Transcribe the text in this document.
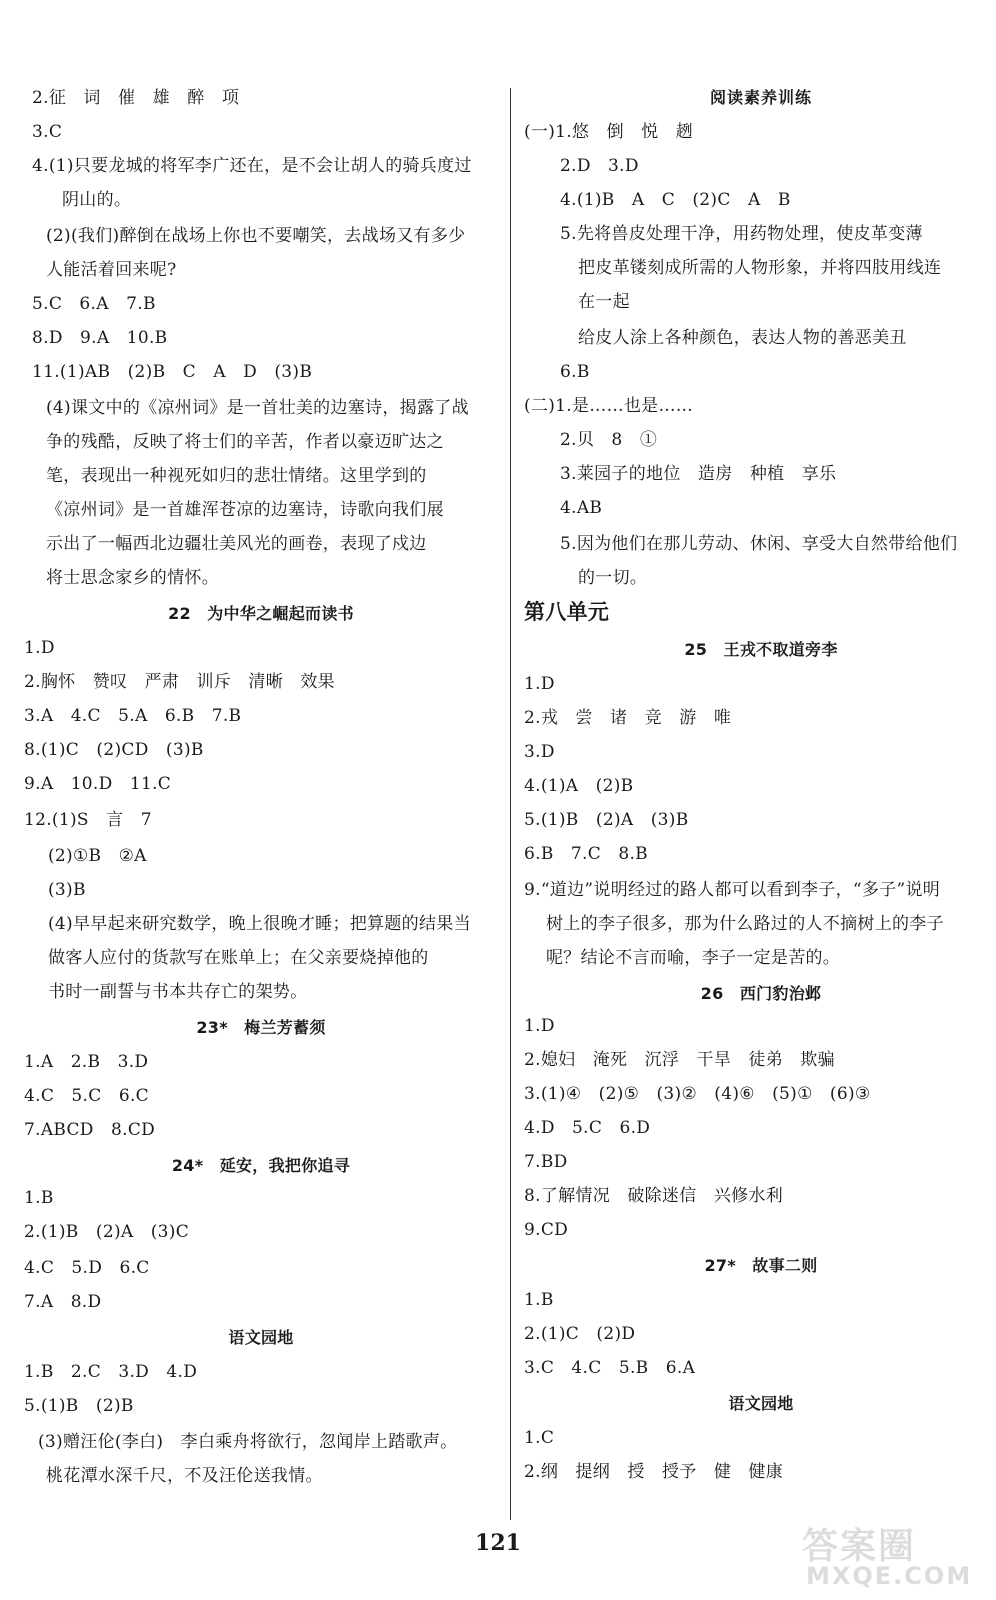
2.征　词　催　雄　醉　项
3.C
4.(1)只要龙城的将军李广还在，是不会让胡人的骑兵度过
阴山的。
(2)(我们)醉倒在战场上你也不要嘲笑，去战场又有多少
人能活着回来呢?
5.C　6.A　7.B
8.D　9.A　10.B
11.(1)AB　(2)B　C　A　D　(3)B
(4)课文中的《凉州词》是一首壮美的边塞诗，揭露了战
争的残酷，反映了将士们的辛苦，作者以豪迈旷达之
笔，表现出一种视死如归的悲壮情绪。这里学到的
《凉州词》是一首雄浑苍凉的边塞诗，诗歌向我们展
示出了一幅西北边疆壮美风光的画卷，表现了戍边
将士思念家乡的情怀。
22　为中华之崛起而读书
1.D
2.胸怀　赞叹　严肃　训斥　清晰　效果
3.A　4.C　5.A　6.B　7.B
8.(1)C　(2)CD　(3)B
9.A　10.D　11.C
12.(1)S　言　7
(2)①B　②A
(3)B
(4)早早起来研究数学，晚上很晚才睡；把算题的结果当
做客人应付的货款写在账单上；在父亲要烧掉他的
书时一副誓与书本共存亡的架势。
23*　梅兰芳蓄须
1.A　2.B　3.D
4.C　5.C　6.C
7.ABCD　8.CD
24*　延安，我把你追寻
1.B
2.(1)B　(2)A　(3)C
4.C　5.D　6.C
7.A　8.D
语文园地
1.B　2.C　3.D　4.D
5.(1)B　(2)B
(3)赠汪伦(李白)　李白乘舟将欲行，忽闻岸上踏歌声。
桃花潭水深千尺，不及汪伦送我情。
阅读素养训练
(一)1.悠　倒　悦　趔
2.D　3.D
4.(1)B　A　C　(2)C　A　B
5.先将兽皮处理干净，用药物处理，使皮革变薄
把皮革镂刻成所需的人物形象，并将四肢用线连
在一起
给皮人涂上各种颜色，表达人物的善恶美丑
6.B
(二)1.是……也是……
2.贝　8　①
3.莱园子的地位　造房　种植　享乐
4.AB
5.因为他们在那儿劳动、休闲、享受大自然带给他们
的一切。
第八单元
25　王戎不取道旁李
1.D
2.戎　尝　诸　竞　游　唯
3.D
4.(1)A　(2)B
5.(1)B　(2)A　(3)B
6.B　7.C　8.B
9.“道边”说明经过的路人都可以看到李子，“多子”说明
树上的李子很多，那为什么路过的人不摘树上的李子
呢？结论不言而喻，李子一定是苦的。
26　西门豹治邺
1.D
2.媳妇　淹死　沉浮　干旱　徒弟　欺骗
3.(1)④　(2)⑤　(3)②　(4)⑥　(5)①　(6)③
4.D　5.C　6.D
7.BD
8.了解情况　破除迷信　兴修水利
9.CD
27*　故事二则
1.B
2.(1)C　(2)D
3.C　4.C　5.B　6.A
语文园地
1.C
2.纲　提纲　授　授予　健　健康
121	答案圈
MXQE.COM
